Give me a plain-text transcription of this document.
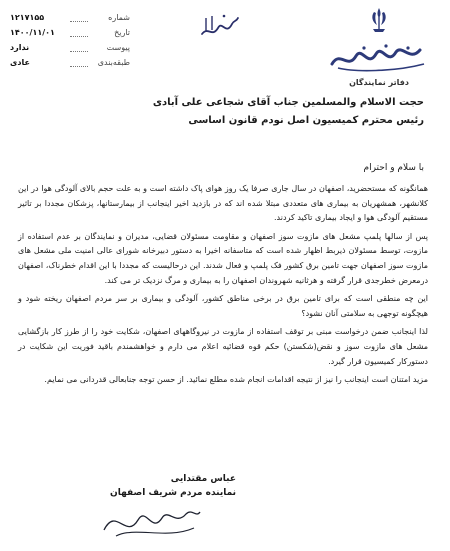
دفاتر نمایندگان
شماره
۱۲۱۷۱۵۵
تاریخ
۱۴۰۰/۱۱/۰۱
پیوست
ندارد
طبقه‌بندی
عادی
حجت الاسلام والمسلمین جناب آقای شجاعی علی آبادی
رئیس محترم کمیسیون اصل نودم قانون اساسی
با سلام و احترام

همانگونه که مستحضرید، اصفهان در سال جاری صرفا یک روز هوای پاک داشته است و به علت حجم بالای آلودگی هوا در این کلانشهر، همشهریان به بیماری های متعددی مبتلا شده اند که در بازدید اخیر اینجانب از بیمارستانها، پزشکان مجددا بر تاثیر مستقیم آلودگی هوا و ایجاد بیماری تاکید کردند.

پس از سالها پلمپ مشعل های مازوت سوز اصفهان و مقاومت مسئولان قضایی، مدیران و نمایندگان بر عدم استفاده از مازوت، توسط مسئولان ذیربط اظهار شده است که متاسفانه اخیرا به دستور دبیرخانه شورای عالی امنیت ملی مشعل های مازوت سوز اصفهان جهت تامین برق کشور فک پلمپ و فعال شدند. این درحالیست که مجددا با این اقدام خطرناک، اصفهان درمعرض خطرجدی قرار گرفته و هرثانیه شهروندان اصفهان را به بیماری و مرگ نزدیک تر می کند.

این چه منطقی است که برای تامین برق در برخی مناطق کشور، آلودگی و بیماری بر سر مردم اصفهان ریخته شود و هیچگونه توجهی به سلامتی آنان نشود؟

لذا اینجانب ضمن درخواست مبنی بر توقف استفاده از مازوت در نیروگاههای اصفهان، شکایت خود را از طرز کار بازگشایی مشعل های مازوت سوز و نقض(شکستن) حکم قوه قضائیه اعلام می دارم و خواهشمندم باقید فوریت این شکایت در دستورکار کمیسیون قرار گیرد.

مزید امتنان است اینجانب را نیز از نتیجه اقدامات انجام شده مطلع نمائید. از حسن توجه جنابعالی قدردانی می نمایم.

عباس مقتدایی
نماینده مردم شریف اصفهان
